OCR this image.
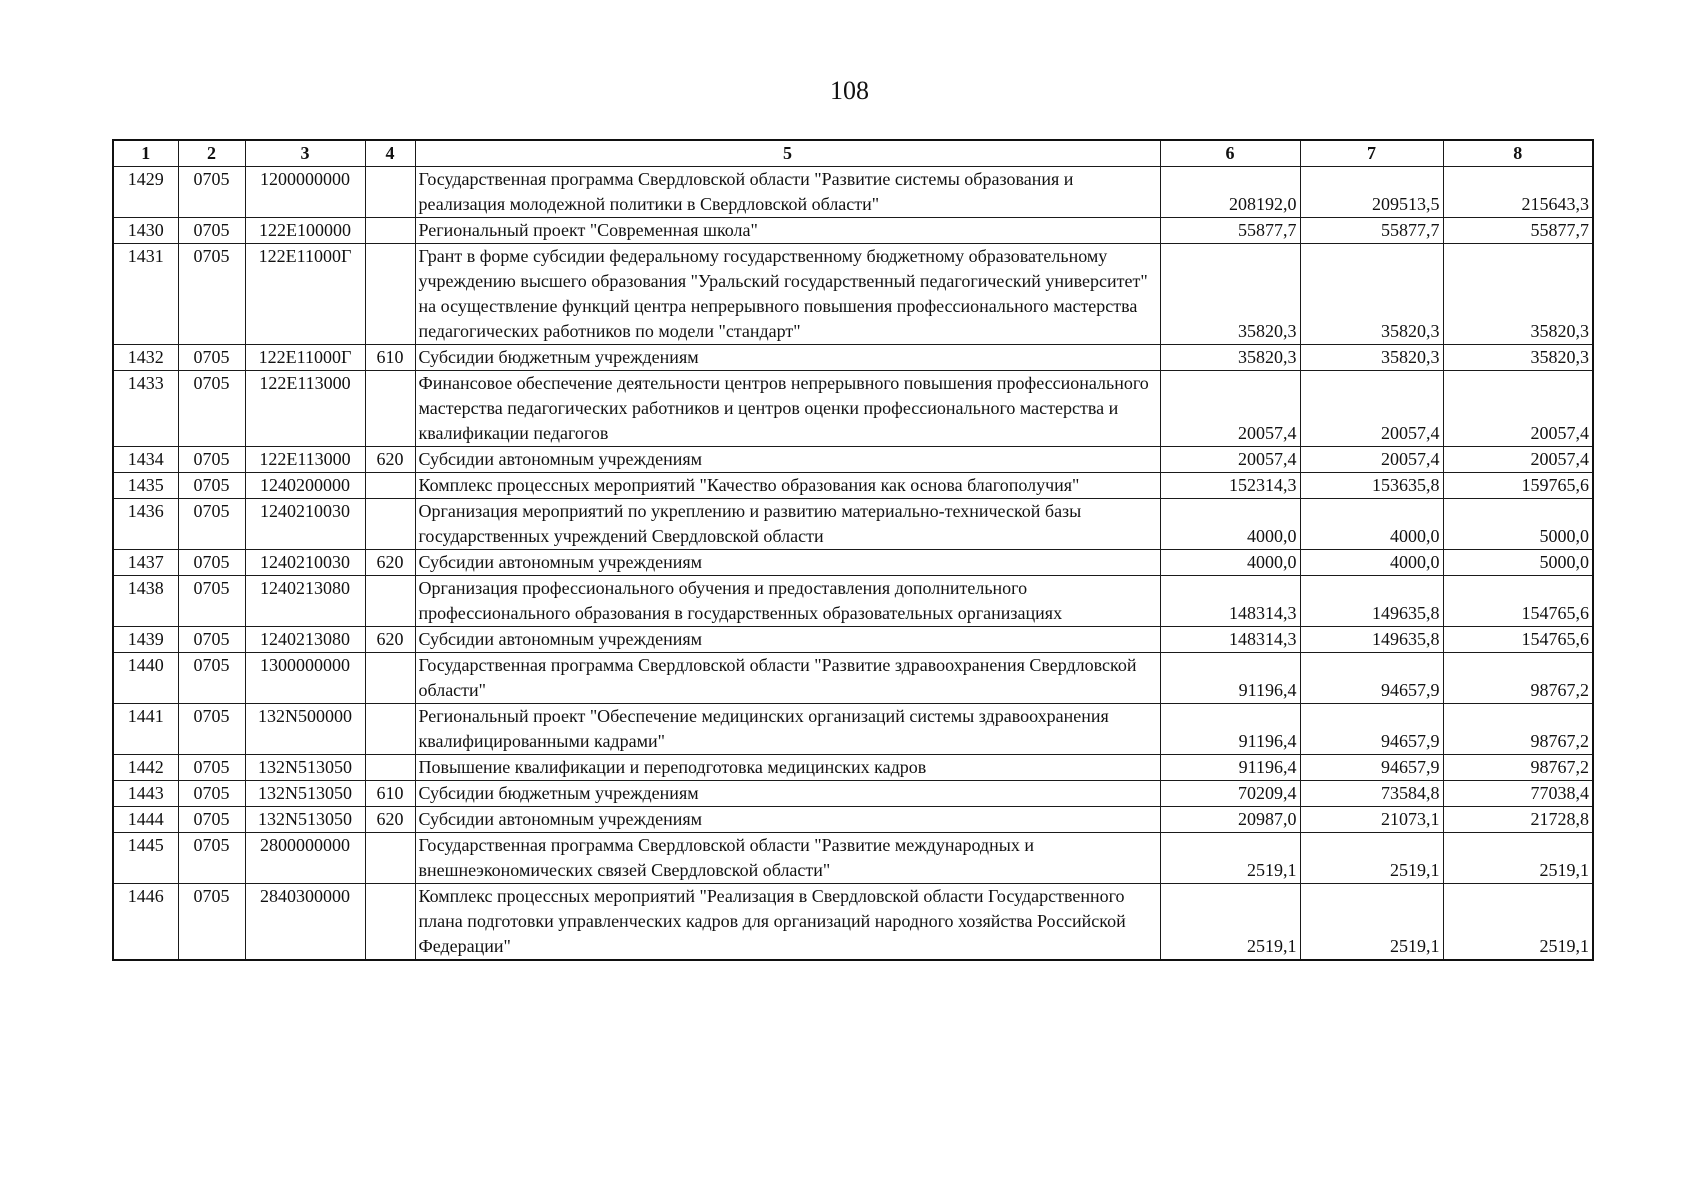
108
1	2	3	4	5	6	7	8
1429	0705	1200000000		Государственная программа Свердловской области "Развитие системы образования и реализация молодежной политики в Свердловской области"	208192,0	209513,5	215643,3
1430	0705	122E100000		Региональный проект "Современная школа"	55877,7	55877,7	55877,7
1431	0705	122E11000Г		Грант в форме субсидии федеральному государственному бюджетному образовательному учреждению высшего образования "Уральский государственный педагогический университет" на осуществление функций центра непрерывного повышения профессионального мастерства педагогических работников по модели "стандарт"	35820,3	35820,3	35820,3
1432	0705	122E11000Г	610	Субсидии бюджетным учреждениям	35820,3	35820,3	35820,3
1433	0705	122E113000		Финансовое обеспечение деятельности центров непрерывного повышения профессионального мастерства педагогических работников и центров оценки профессионального мастерства и квалификации педагогов	20057,4	20057,4	20057,4
1434	0705	122E113000	620	Субсидии автономным учреждениям	20057,4	20057,4	20057,4
1435	0705	1240200000		Комплекс процессных мероприятий "Качество образования как основа благополучия"	152314,3	153635,8	159765,6
1436	0705	1240210030		Организация мероприятий по укреплению и развитию материально-технической базы государственных учреждений Свердловской области	4000,0	4000,0	5000,0
1437	0705	1240210030	620	Субсидии автономным учреждениям	4000,0	4000,0	5000,0
1438	0705	1240213080		Организация профессионального обучения и предоставления дополнительного профессионального образования в государственных образовательных организациях	148314,3	149635,8	154765,6
1439	0705	1240213080	620	Субсидии автономным учреждениям	148314,3	149635,8	154765,6
1440	0705	1300000000		Государственная программа Свердловской области "Развитие здравоохранения Свердловской области"	91196,4	94657,9	98767,2
1441	0705	132N500000		Региональный проект "Обеспечение медицинских организаций системы здравоохранения квалифицированными кадрами"	91196,4	94657,9	98767,2
1442	0705	132N513050		Повышение квалификации и переподготовка медицинских кадров	91196,4	94657,9	98767,2
1443	0705	132N513050	610	Субсидии бюджетным учреждениям	70209,4	73584,8	77038,4
1444	0705	132N513050	620	Субсидии автономным учреждениям	20987,0	21073,1	21728,8
1445	0705	2800000000		Государственная программа Свердловской области "Развитие международных и внешнеэкономических связей Свердловской области"	2519,1	2519,1	2519,1
1446	0705	2840300000		Комплекс процессных мероприятий "Реализация в Свердловской области Государственного плана подготовки управленческих кадров для организаций народного хозяйства Российской Федерации"	2519,1	2519,1	2519,1
